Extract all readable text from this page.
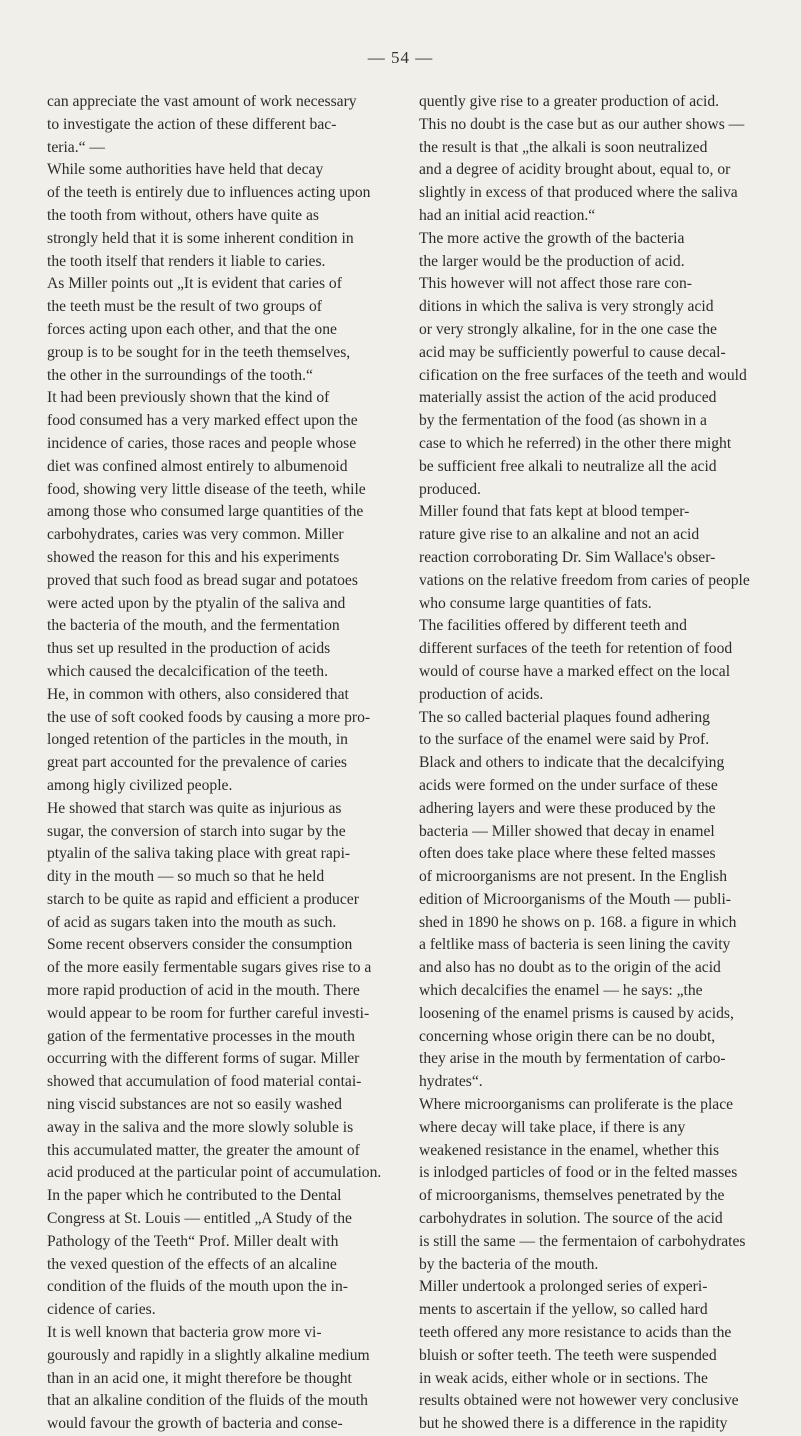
— 54 —
can appreciate the vast amount of work necessary
to investigate the action of these different bac-
teria.“ —
While some authorities have held that decay
of the teeth is entirely due to influences acting upon
the tooth from without, others have quite as
strongly held that it is some inherent condition in
the tooth itself that renders it liable to caries.
As Miller points out „It is evident that caries of
the teeth must be the result of two groups of
forces acting upon each other, and that the one
group is to be sought for in the teeth themselves,
the other in the surroundings of the tooth.“
It had been previously shown that the kind of
food consumed has a very marked effect upon the
incidence of caries, those races and people whose
diet was confined almost entirely to albumenoid
food, showing very little disease of the teeth, while
among those who consumed large quantities of the
carbohydrates, caries was very common. Miller
showed the reason for this and his experiments
proved that such food as bread sugar and potatoes
were acted upon by the ptyalin of the saliva and
the bacteria of the mouth, and the fermentation
thus set up resulted in the production of acids
which caused the decalcification of the teeth.
He, in common with others, also considered that
the use of soft cooked foods by causing a more pro-
longed retention of the particles in the mouth, in
great part accounted for the prevalence of caries
among higly civilized people.
He showed that starch was quite as injurious as
sugar, the conversion of starch into sugar by the
ptyalin of the saliva taking place with great rapi-
dity in the mouth — so much so that he held
starch to be quite as rapid and efficient a producer
of acid as sugars taken into the mouth as such.
Some recent observers consider the consumption
of the more easily fermentable sugars gives rise to a
more rapid production of acid in the mouth. There
would appear to be room for further careful investi-
gation of the fermentative processes in the mouth
occurring with the different forms of sugar. Miller
showed that accumulation of food material contai-
ning viscid substances are not so easily washed
away in the saliva and the more slowly soluble is
this accumulated matter, the greater the amount of
acid produced at the particular point of accumulation.
In the paper which he contributed to the Dental
Congress at St. Louis — entitled „A Study of the
Pathology of the Teeth“ Prof. Miller dealt with
the vexed question of the effects of an alcaline
condition of the fluids of the mouth upon the in-
cidence of caries.
It is well known that bacteria grow more vi-
gourously and rapidly in a slightly alkaline medium
than in an acid one, it might therefore be thought
that an alkaline condition of the fluids of the mouth
would favour the growth of bacteria and conse-
quently give rise to a greater production of acid.
This no doubt is the case but as our auther shows —
the result is that „the alkali is soon neutralized
and a degree of acidity brought about, equal to, or
slightly in excess of that produced where the saliva
had an initial acid reaction.“
The more active the growth of the bacteria
the larger would be the production of acid.
This however will not affect those rare con-
ditions in which the saliva is very strongly acid
or very strongly alkaline, for in the one case the
acid may be sufficiently powerful to cause decal-
cification on the free surfaces of the teeth and would
materially assist the action of the acid produced
by the fermentation of the food (as shown in a
case to which he referred) in the other there might
be sufficient free alkali to neutralize all the acid
produced.
Miller found that fats kept at blood temper-
rature give rise to an alkaline and not an acid
reaction corroborating Dr. Sim Wallace's obser-
vations on the relative freedom from caries of people
who consume large quantities of fats.
The facilities offered by different teeth and
different surfaces of the teeth for retention of food
would of course have a marked effect on the local
production of acids.
The so called bacterial plaques found adhering
to the surface of the enamel were said by Prof.
Black and others to indicate that the decalcifying
acids were formed on the under surface of these
adhering layers and were these produced by the
bacteria — Miller showed that decay in enamel
often does take place where these felted masses
of microorganisms are not present. In the English
edition of Microorganisms of the Mouth — publi-
shed in 1890 he shows on p. 168. a figure in which
a feltlike mass of bacteria is seen lining the cavity
and also has no doubt as to the origin of the acid
which decalcifies the enamel — he says: „the
loosening of the enamel prisms is caused by acids,
concerning whose origin there can be no doubt,
they arise in the mouth by fermentation of carbo-
hydrates“.
Where microorganisms can proliferate is the place
where decay will take place, if there is any
weakened resistance in the enamel, whether this
is inlodged particles of food or in the felted masses
of microorganisms, themselves penetrated by the
carbohydrates in solution. The source of the acid
is still the same — the fermentaion of carbohydrates
by the bacteria of the mouth.
Miller undertook a prolonged series of experi-
ments to ascertain if the yellow, so called hard
teeth offered any more resistance to acids than the
bluish or softer teeth. The teeth were suspended
in weak acids, either whole or in sections. The
results obtained were not howewer very conclusive
but he showed there is a difference in the rapidity
